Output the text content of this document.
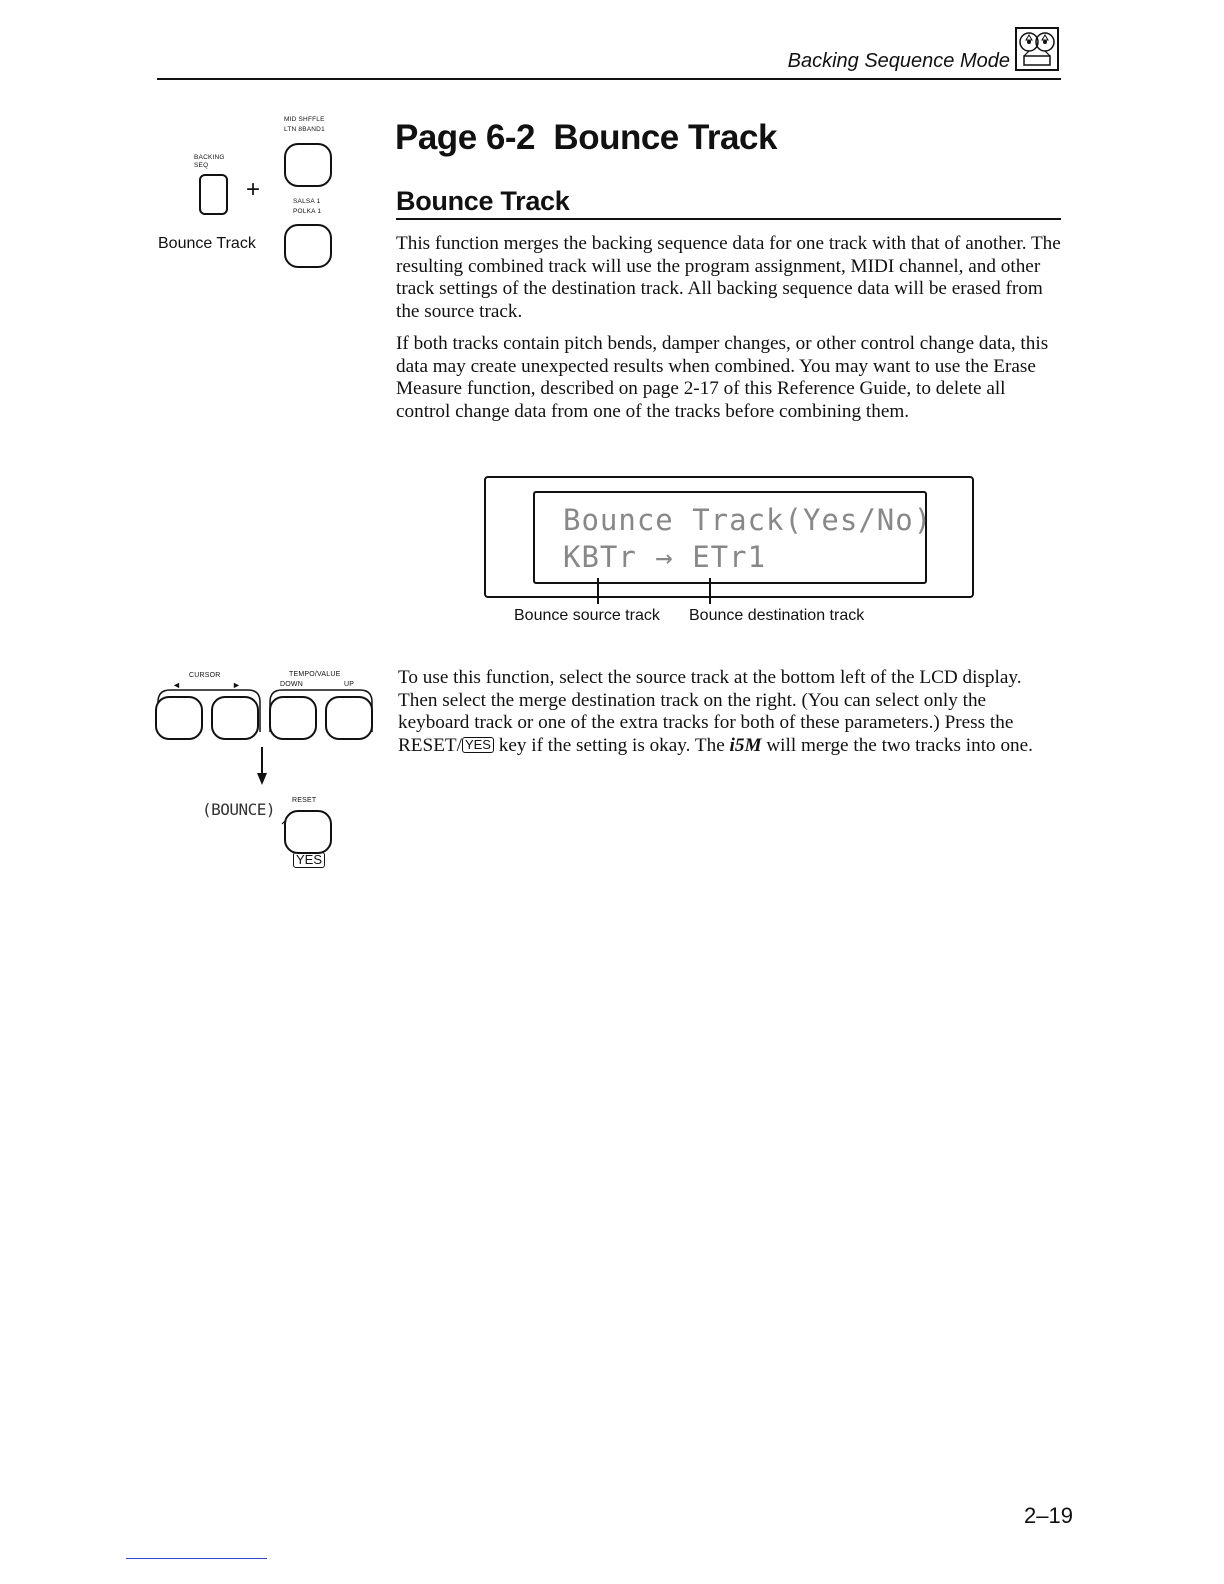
Backing Sequence Mode
MID SHFFLE
LTN 8BAND1
BACKING SEQ
+	SALSA 1
POLKA 1
Bounce Track
CURSOR
◄	►
TEMPO/VALUE
DOWN	UP
(BOUNCE) RESET
YES
Page 6-2  Bounce Track
Bounce Track
This function merges the backing sequence data for one track with that of another. The resulting combined track will use the program assignment, MIDI channel, and other track settings of the destination track. All backing sequence data will be erased from the source track.
If both tracks contain pitch bends, damper changes, or other control change data, this data may create unexpected results when combined. You may want to use the Erase Measure function, described on page 2-17 of this Reference Guide, to delete all control change data from one of the tracks before combining them.
Bounce Track(Yes/No)
KBTr → ETr1
Bounce source track Bounce destination track
To use this function, select the source track at the bottom left of the LCD display. Then select the merge destination track on the right. (You can select only the keyboard track or one of the extra tracks for both of these parameters.) Press the RESET/ YES key if the setting is okay. The i5M will merge the two tracks into one.
2–19
